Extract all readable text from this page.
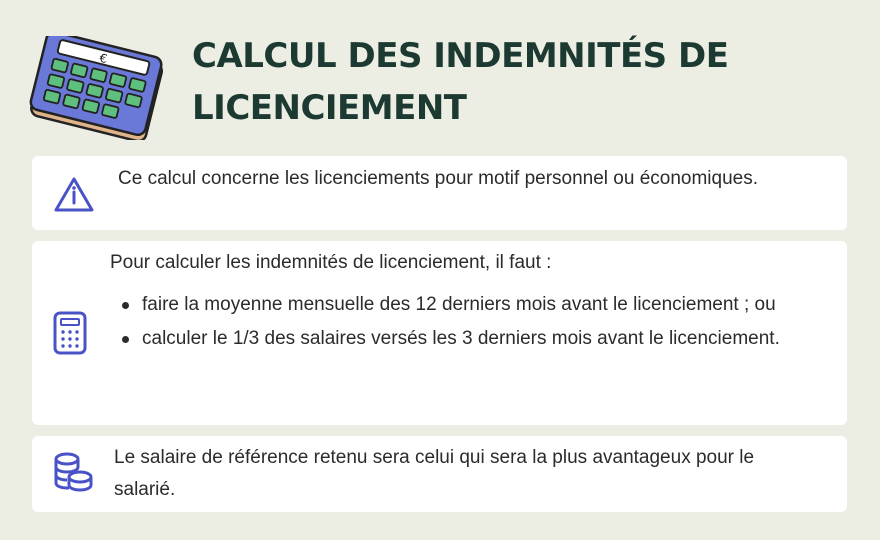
€ CALCUL DES INDEMNITÉS DE LICENCIEMENT

Ce calcul concerne les licenciements pour motif personnel ou économiques.

Pour calculer les indemnités de licenciement, il faut :

faire la moyenne mensuelle des 12 derniers mois avant le licenciement ; ou
calculer le 1/3 des salaires versés les 3 derniers mois avant le licenciement.

Le salaire de référence retenu sera celui qui sera la plus avantageux pour le salarié.
